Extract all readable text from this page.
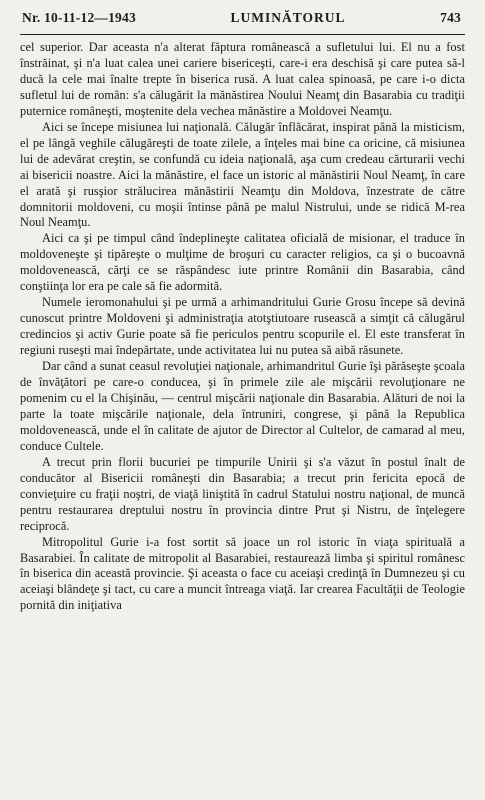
Nr. 10-11-12—1943	LUMINĂTORUL	743

cel superior. Dar aceasta n'a alterat făptura românească a sufletului lui. El nu a fost înstrăinat, şi n'a luat calea unei cariere bisericeşti, care-i era deschisă şi care putea să-l ducă la cele mai înalte trepte în biserica rusă. A luat calea spinoasă, pe care i-o dicta sufletul lui de român: s'a călugărit la mănăstirea Noului Neamţ din Basarabia cu tradiţii puternice româneşti, moştenite dela vechea mănăstire a Moldovei Neamţu.

Aici se începe misiunea lui naţională. Călugăr înflăcărat, inspirat până la misticism, el pe lângă veghile călugăreşti de toate zilele, a înţeles mai bine ca oricine, că misiunea lui de adevărat creştin, se confundă cu ideia naţională, aşa cum credeau cărturarii vechi ai bisericii noastre. Aici la mănăstire, el face un istoric al mănăstirii Noul Neamţ, în care el arată şi rusşior strălucirea mănăstirii Neamţu din Moldova, înzestrate de către domnitorii moldoveni, cu moşii întinse până pe malul Nistrului, unde se ridică M-rea Noul Neamţu.

Aici ca şi pe timpul când îndeplineşte calitatea oficială de misionar, el traduce în moldoveneşte şi tipăreşte o mulţime de broşuri cu caracter religios, ca şi o bucoavnă moldovenească, cărţi ce se răspândesc iute printre Românii din Basarabia, când conştiinţa lor era pe cale să fie adormită.

Numele ieromonahului şi pe urmă a arhimandritului Gurie Grosu începe să devină cunoscut printre Moldoveni şi administraţia atotştiutoare rusească a simţit că călugărul credincios şi activ Gurie poate să fie periculos pentru scopurile el. El este transferat în regiuni ruseşti mai îndepărtate, unde activitatea lui nu putea să aibă răsunete.

Dar când a sunat ceasul revoluţiei naţionale, arhimandritul Gurie îşi părăseşte şcoala de învăţători pe care-o conducea, şi în primele zile ale mişcării revoluţionare ne pomenim cu el la Chişinău, — centrul mişcării naţionale din Basarabia. Alături de noi la parte la toate mişcările naţionale, dela întruniri, congrese, şi până la Republica moldovenească, unde el în calitate de ajutor de Director al Cultelor, de camarad al meu, conduce Cultele.

A trecut prin florii bucuriei pe timpurile Unirii şi s'a văzut în postul înalt de conducător al Bisericii româneşti din Basarabia; a trecut prin fericita epocă de convieţuire cu fraţii noştri, de viaţă liniştită în cadrul Statului nostru naţional, de muncă pentru restaurarea dreptului nostru în provincia dintre Prut şi Nistru, de înţelegere reciprocă.

Mitropolitul Gurie i-a fost sortit să joace un rol istoric în viaţa spirituală a Basarabiei. În calitate de mitropolit al Basarabiei, restaurează limba şi spiritul românesc în biserica din această provincie. Şi aceasta o face cu aceiaşi credinţă în Dumnezeu şi cu aceiaşi blândeţe şi tact, cu care a muncit întreaga viaţă. Iar crearea Facultăţii de Teologie pornită din iniţiativa
